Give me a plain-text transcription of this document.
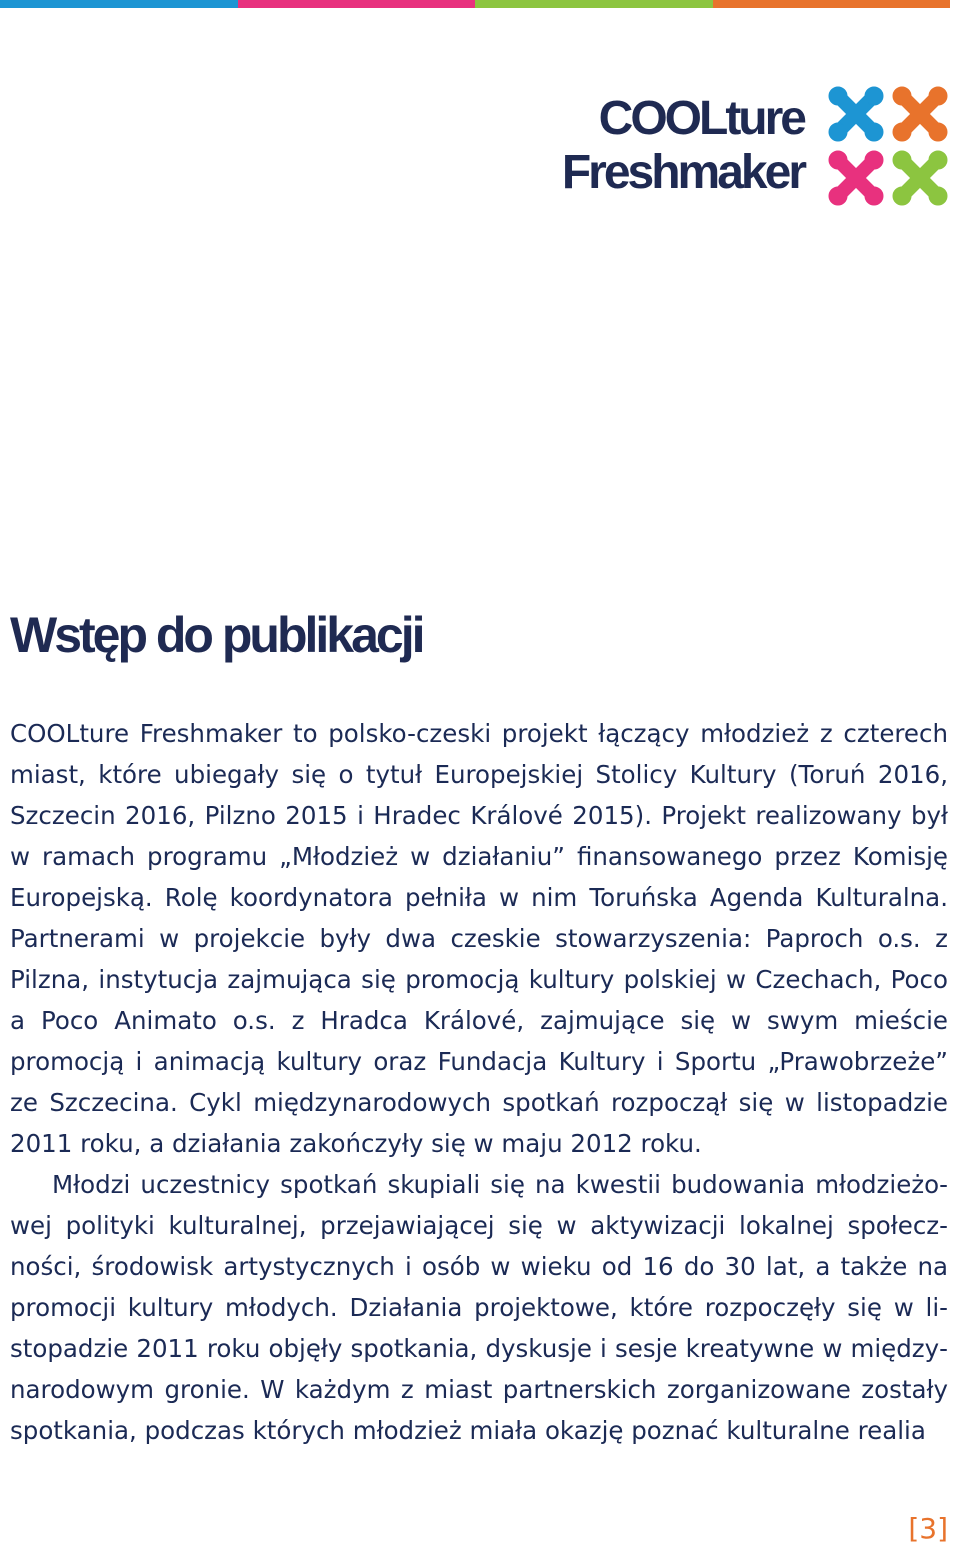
COOLture
Freshmaker
Wstęp do publikacji

COOLture Freshmaker to polsko-czeski projekt łączący młodzież z czterech miast, które ubiegały się o tytuł Europejskiej Stolicy Kultury (Toruń 2016, Szczecin 2016, Pilzno 2015 i Hradec Králové 2015). Projekt realizowany był w ramach programu „Młodzież w działaniu” finansowanego przez Komisję Europejską. Rolę koordynatora pełniła w nim Toruńska Agenda Kulturalna. Partnerami w projekcie były dwa czeskie stowarzyszenia: Paproch o.s. z Pilzna, instytucja zajmująca się promocją kultury polskiej w Czechach, Poco a Poco Animato o.s. z Hradca Králové, zajmujące się w swym mieście promocją i animacją kultury oraz Fundacja Kultury i Sportu „Prawobrzeże” ze Szczecina. Cykl międzynarodowych spotkań rozpoczął się w listopadzie 2011 roku, a działania zakończyły się w maju 2012 roku.

Młodzi uczestnicy spotkań skupiali się na kwestii budowania młodzieżowej polityki kulturalnej, przejawiającej się w aktywizacji lokalnej społeczności, środowisk artystycznych i osób w wieku od 16 do 30 lat, a także na promocji kultury młodych. Działania projektowe, które rozpoczęły się w listopadzie 2011 roku objęły spotkania, dyskusje i sesje kreatywne w międzynarodowym gronie. W każdym z miast partnerskich zorganizowane zostały spotkania, podczas których młodzież miała okazję poznać kulturalne realia

[3]
